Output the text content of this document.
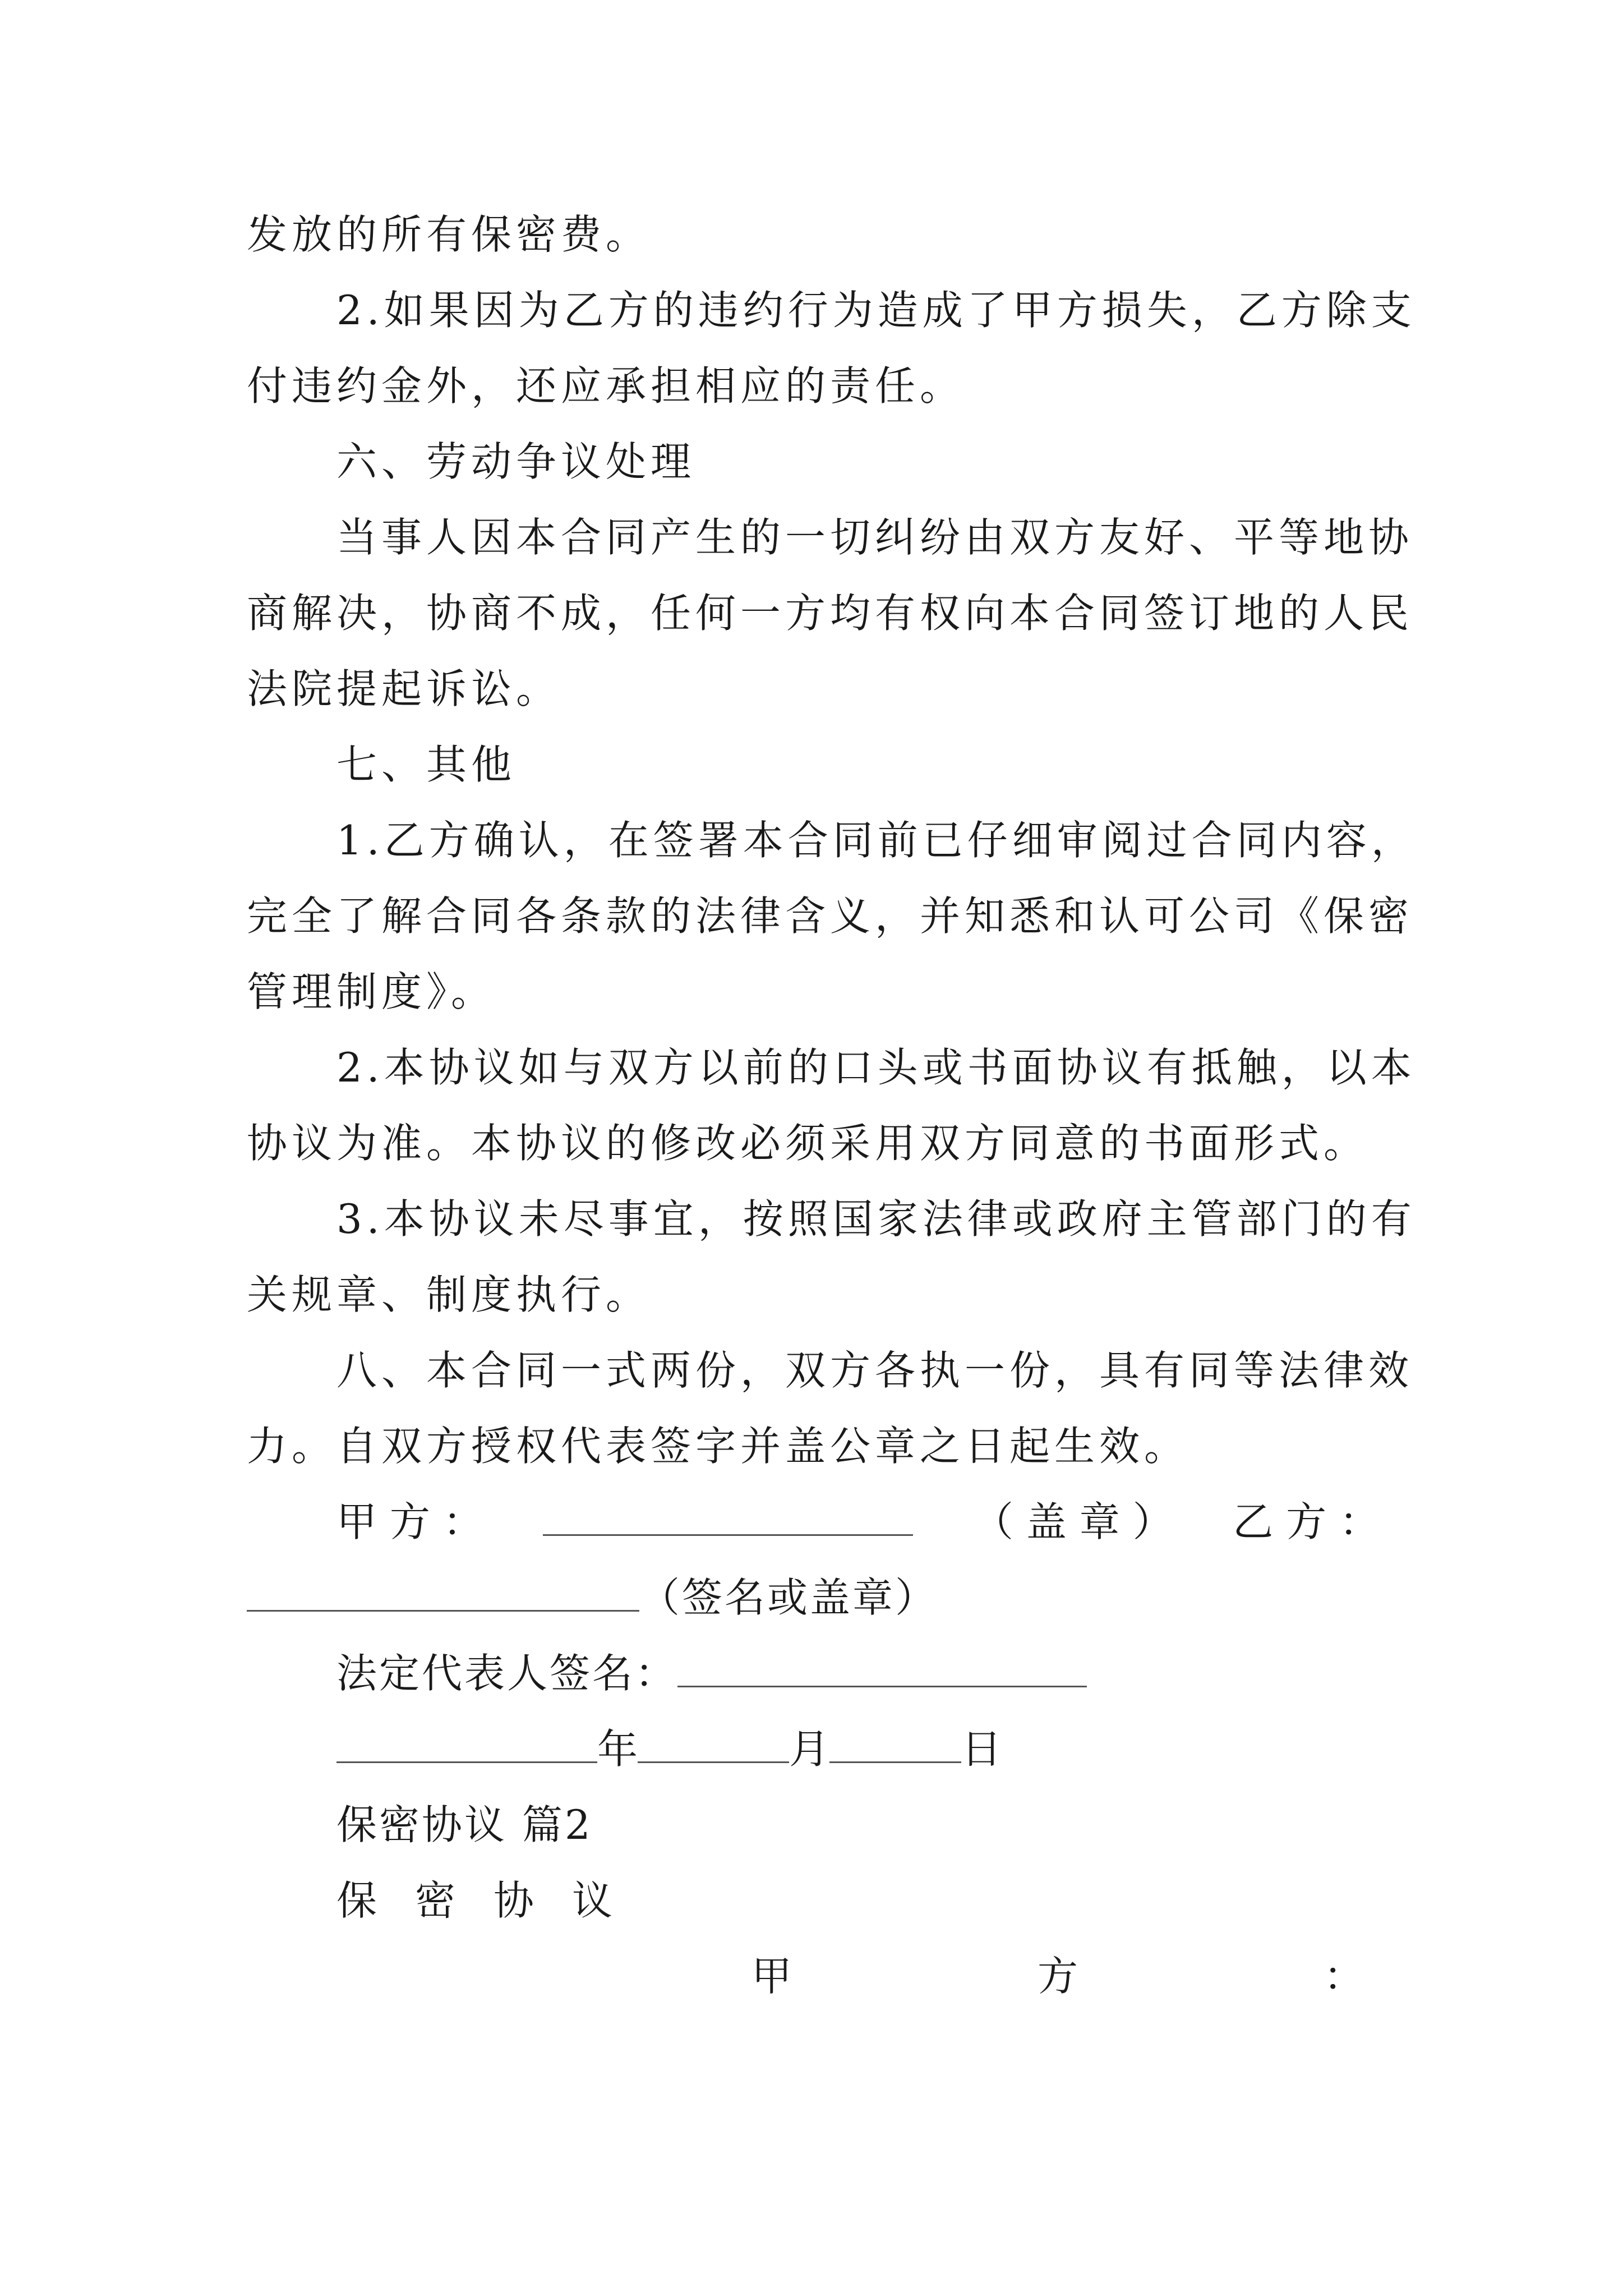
发放的所有保密费。
2.如果因为乙方的违约行为造成了甲方损失，乙方除支
付违约金外，还应承担相应的责任。
六、劳动争议处理
当事人因本合同产生的一切纠纷由双方友好、平等地协
商解决，协商不成，任何一方均有权向本合同签订地的人民
法院提起诉讼。
七、其他
1.乙方确认，在签署本合同前已仔细审阅过合同内容，
完全了解合同各条款的法律含义，并知悉和认可公司《保密
管理制度》。
2.本协议如与双方以前的口头或书面协议有抵触，以本
协议为准。本协议的修改必须采用双方同意的书面形式。
3.本协议未尽事宜，按照国家法律或政府主管部门的有
关规章、制度执行。
八、本合同一式两份，双方各执一份，具有同等法律效
力。自双方授权代表签字并盖公章之日起生效。
甲 方 ：	（ 盖 章 ） 乙 方 ：
（签名或盖章）
法定代表人签名：
年	月	日
保密协议 篇2
保 密 协 议
甲	方	：
